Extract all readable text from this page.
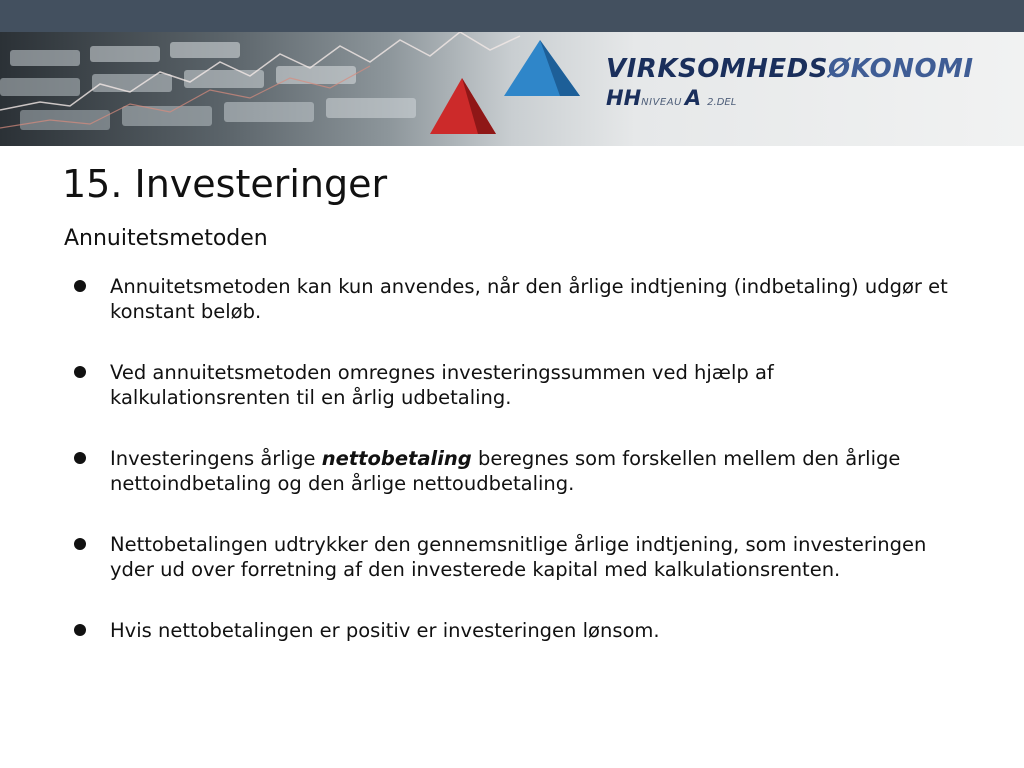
VIRKSOMHEDSØKONOMI
HHNIVEAU A 2.DEL
15. Investeringer
Annuitetsmetoden
Annuitetsmetoden kan kun anvendes, når den årlige indtjening (indbetaling) udgør et konstant beløb.
Ved annuitetsmetoden omregnes investeringssummen ved hjælp af kalkulationsrenten til en årlig udbetaling.
Investeringens årlige nettobetaling beregnes som forskellen mellem den årlige nettoindbetaling og den årlige nettoudbetaling.
Nettobetalingen udtrykker den gennemsnitlige årlige indtjening, som investeringen yder ud over forretning af den investerede kapital med kalkulationsrenten.
Hvis nettobetalingen er positiv er investeringen lønsom.
